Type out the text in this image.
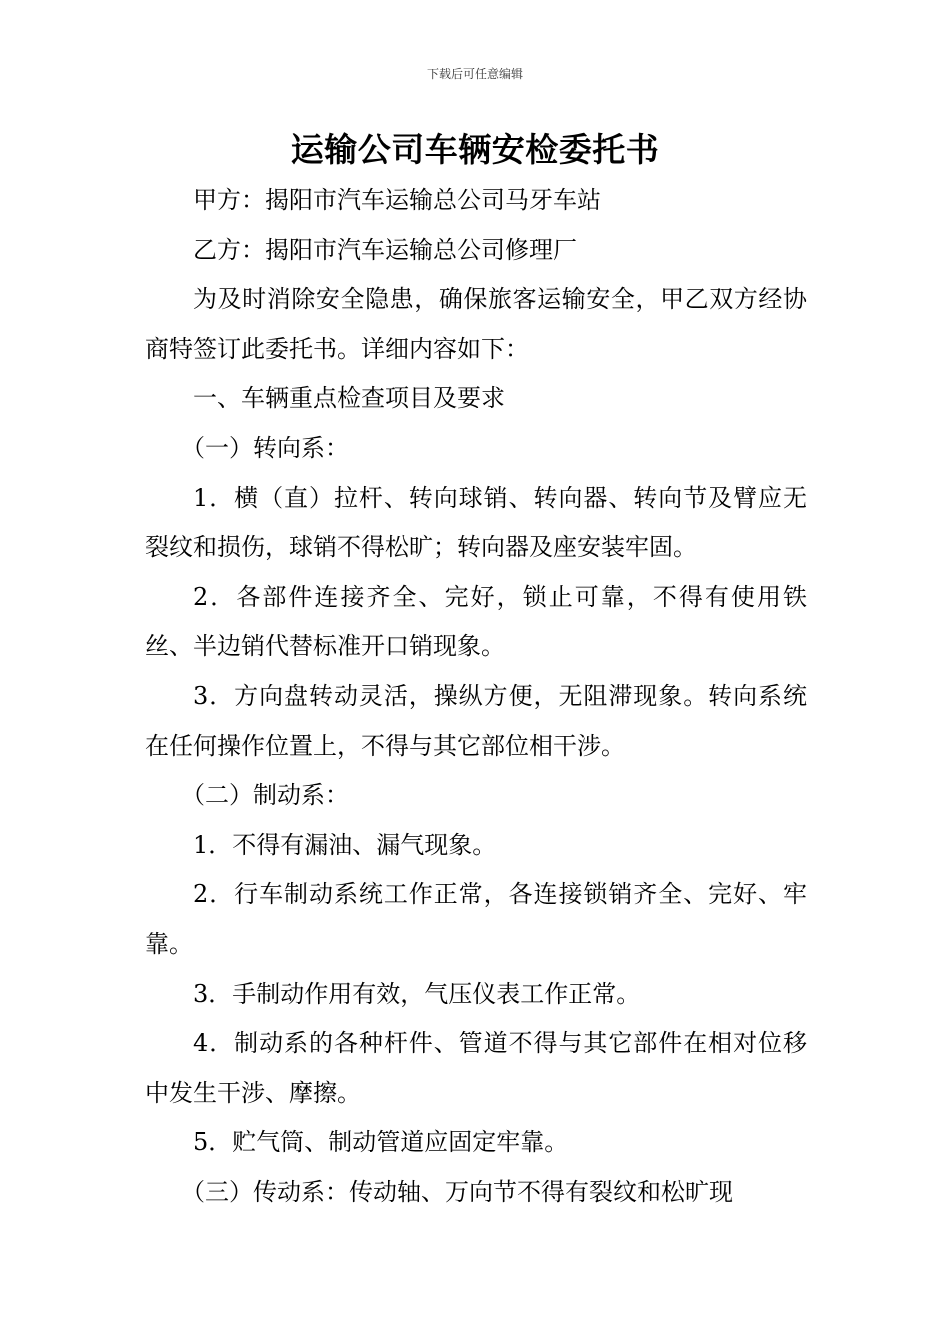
下载后可任意编辑
运输公司车辆安检委托书

甲方：揭阳市汽车运输总公司马牙车站

乙方：揭阳市汽车运输总公司修理厂

为及时消除安全隐患，确保旅客运输安全，甲乙双方经协商特签订此委托书。详细内容如下：

一、车辆重点检查项目及要求

（一）转向系：

1．横（直）拉杆、转向球销、转向器、转向节及臂应无裂纹和损伤，球销不得松旷；转向器及座安装牢固。

2．各部件连接齐全、完好，锁止可靠，不得有使用铁丝、半边销代替标准开口销现象。

3．方向盘转动灵活，操纵方便，无阻滞现象。转向系统在任何操作位置上，不得与其它部位相干涉。

（二）制动系：

1．不得有漏油、漏气现象。

2．行车制动系统工作正常，各连接锁销齐全、完好、牢靠。

3．手制动作用有效，气压仪表工作正常。

4．制动系的各种杆件、管道不得与其它部件在相对位移中发生干涉、摩擦。

5．贮气筒、制动管道应固定牢靠。

（三）传动系：传动轴、万向节不得有裂纹和松旷现
